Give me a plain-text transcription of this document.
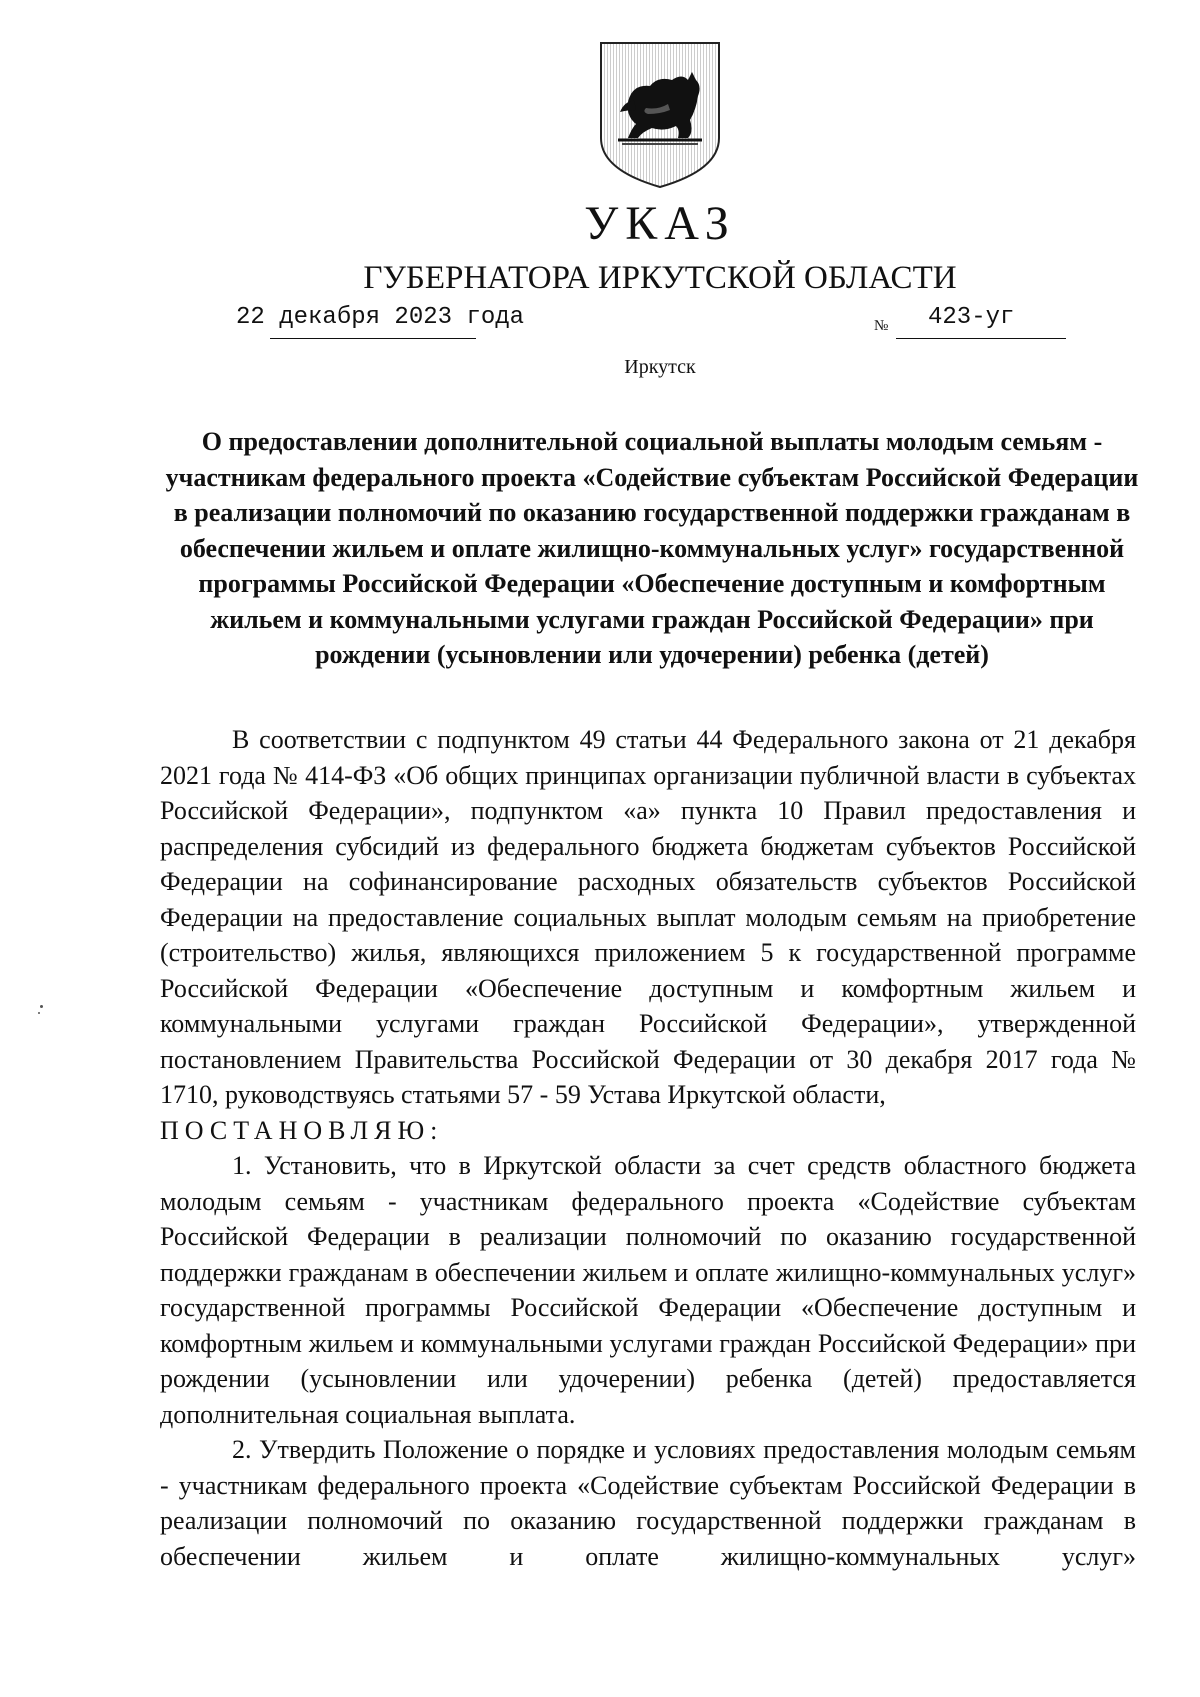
УКАЗ
ГУБЕРНАТОРА ИРКУТСКОЙ ОБЛАСТИ
22 декабря 2023 года	№ 423-уг
Иркутск
О предоставлении дополнительной социальной выплаты молодым семьям - участникам федерального проекта «Содействие субъектам Российской Федерации в реализации полномочий по оказанию государственной поддержки гражданам в обеспечении жильем и оплате жилищно-коммунальных услуг» государственной программы Российской Федерации «Обеспечение доступным и комфортным жильем и коммунальными услугами граждан Российской Федерации» при рождении (усыновлении или удочерении) ребенка (детей)

В соответствии с подпунктом 49 статьи 44 Федерального закона от 21 декабря 2021 года № 414-ФЗ «Об общих принципах организации публичной власти в субъектах Российской Федерации», подпунктом «а» пункта 10 Правил предоставления и распределения субсидий из федерального бюджета бюджетам субъектов Российской Федерации на софинансирование расходных обязательств субъектов Российской Федерации на предоставление социальных выплат молодым семьям на приобретение (строительство) жилья, являющихся приложением 5 к государственной программе Российской Федерации «Обеспечение доступным и комфортным жильем и коммунальными услугами граждан Российской Федерации», утвержденной постановлением Правительства Российской Федерации от 30 декабря 2017 года № 1710, руководствуясь статьями 57 - 59 Устава Иркутской области,

ПОСТАНОВЛЯЮ:

1. Установить, что в Иркутской области за счет средств областного бюджета молодым семьям - участникам федерального проекта «Содействие субъектам Российской Федерации в реализации полномочий по оказанию государственной поддержки гражданам в обеспечении жильем и оплате жилищно-коммунальных услуг» государственной программы Российской Федерации «Обеспечение доступным и комфортным жильем и коммунальными услугами граждан Российской Федерации» при рождении (усыновлении или удочерении) ребенка (детей) предоставляется дополнительная социальная выплата.

2. Утвердить Положение о порядке и условиях предоставления молодым семьям - участникам федерального проекта «Содействие субъектам Российской Федерации в реализации полномочий по оказанию государственной поддержки гражданам в обеспечении жильем и оплате жилищно-коммунальных услуг»
